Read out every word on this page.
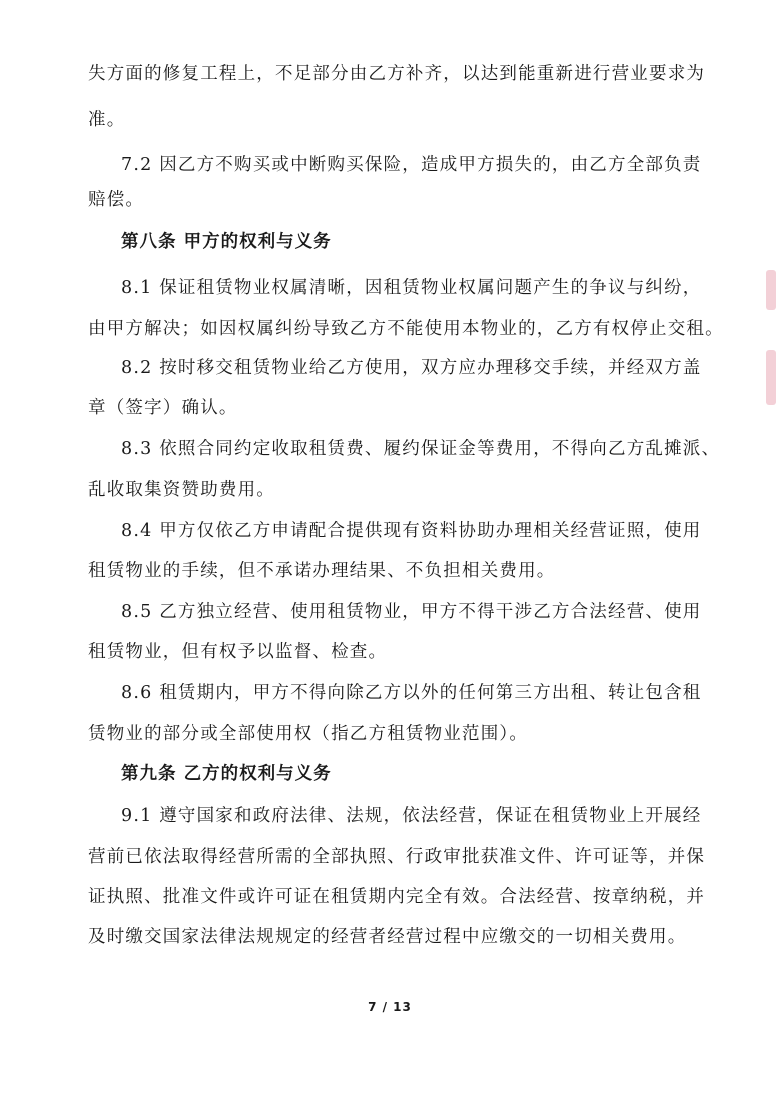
失方面的修复工程上，不足部分由乙方补齐，以达到能重新进行营业要求为
准。
7.2 因乙方不购买或中断购买保险，造成甲方损失的，由乙方全部负责
赔偿。
第八条 甲方的权利与义务
8.1 保证租赁物业权属清晰，因租赁物业权属问题产生的争议与纠纷，
由甲方解决；如因权属纠纷导致乙方不能使用本物业的，乙方有权停止交租。
8.2 按时移交租赁物业给乙方使用，双方应办理移交手续，并经双方盖
章（签字）确认。
8.3 依照合同约定收取租赁费、履约保证金等费用，不得向乙方乱摊派、
乱收取集资赞助费用。
8.4 甲方仅依乙方申请配合提供现有资料协助办理相关经营证照，使用
租赁物业的手续，但不承诺办理结果、不负担相关费用。
8.5 乙方独立经营、使用租赁物业，甲方不得干涉乙方合法经营、使用
租赁物业，但有权予以监督、检查。
8.6 租赁期内，甲方不得向除乙方以外的任何第三方出租、转让包含租
赁物业的部分或全部使用权（指乙方租赁物业范围）。
第九条 乙方的权利与义务
9.1 遵守国家和政府法律、法规，依法经营，保证在租赁物业上开展经
营前已依法取得经营所需的全部执照、行政审批获准文件、许可证等，并保
证执照、批准文件或许可证在租赁期内完全有效。合法经营、按章纳税，并
及时缴交国家法律法规规定的经营者经营过程中应缴交的一切相关费用。
7 / 13
